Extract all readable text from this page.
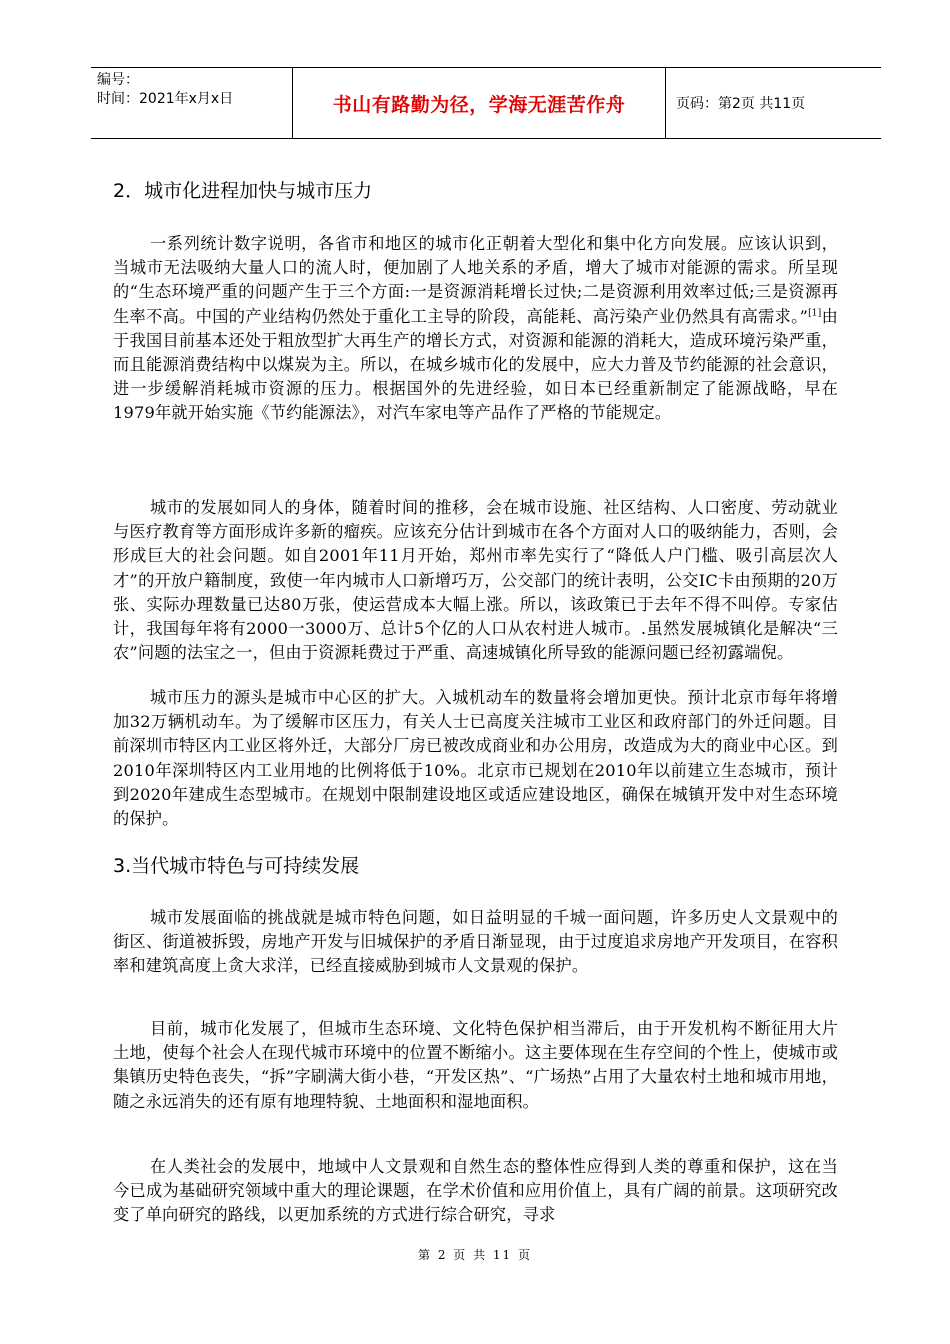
编号：
时间：2021年x月x日	书山有路勤为径，学海无涯苦作舟	页码：第2页 共11页
2．城市化进程加快与城市压力

一系列统计数字说明，各省市和地区的城市化正朝着大型化和集中化方向发展。应该认识到，当城市无法吸纳大量人口的流人时，便加剧了人地关系的矛盾，增大了城市对能源的需求。所呈现的“生态环境严重的问题产生于三个方面:一是资源消耗增长过快;二是资源利用效率过低;三是资源再生率不高。中国的产业结构仍然处于重化工主导的阶段，高能耗、高污染产业仍然具有高需求。”[1]由于我国目前基本还处于粗放型扩大再生产的增长方式，对资源和能源的消耗大，造成环境污染严重，而且能源消费结构中以煤炭为主。所以，在城乡城市化的发展中，应大力普及节约能源的社会意识，进一步缓解消耗城市资源的压力。根据国外的先进经验，如日本已经重新制定了能源战略，早在1979年就开始实施《节约能源法》，对汽车家电等产品作了严格的节能规定。

城市的发展如同人的身体，随着时间的推移，会在城市设施、社区结构、人口密度、劳动就业与医疗教育等方面形成许多新的瘤疾。应该充分估计到城市在各个方面对人口的吸纳能力，否则，会形成巨大的社会问题。如自2001年11月开始，郑州市率先实行了“降低人户门槛、吸引高层次人才”的开放户籍制度，致使一年内城市人口新增巧万，公交部门的统计表明，公交IC卡由预期的20万张、实际办理数量已达80万张，使运营成本大幅上涨。所以，该政策已于去年不得不叫停。专家估计，我国每年将有2000一3000万、总计5个亿的人口从农村进人城市。.虽然发展城镇化是解决“三农”问题的法宝之一，但由于资源耗费过于严重、高速城镇化所导致的能源问题已经初露端倪。

城市压力的源头是城市中心区的扩大。入城机动车的数量将会增加更快。预计北京市每年将增加32万辆机动车。为了缓解市区压力，有关人士已高度关注城市工业区和政府部门的外迁问题。目前深圳市特区内工业区将外迁，大部分厂房已被改成商业和办公用房，改造成为大的商业中心区。到2010年深圳特区内工业用地的比例将低于10%。北京市已规划在2010年以前建立生态城市，预计到2020年建成生态型城市。在规划中限制建设地区或适应建设地区，确保在城镇开发中对生态环境的保护。

3.当代城市特色与可持续发展

城市发展面临的挑战就是城市特色问题，如日益明显的千城一面问题，许多历史人文景观中的街区、街道被拆毁，房地产开发与旧城保护的矛盾日渐显现，由于过度追求房地产开发项目，在容积率和建筑高度上贪大求洋，已经直接威胁到城市人文景观的保护。

目前，城市化发展了，但城市生态环境、文化特色保护相当滞后，由于开发机构不断征用大片土地，使每个社会人在现代城市环境中的位置不断缩小。这主要体现在生存空间的个性上，使城市或集镇历史特色丧失，“拆”字刷满大街小巷，“开发区热”、“广场热”占用了大量农村土地和城市用地，随之永远消失的还有原有地理特貌、土地面积和湿地面积。

在人类社会的发展中，地域中人文景观和自然生态的整体性应得到人类的尊重和保护，这在当今已成为基础研究领域中重大的理论课题，在学术价值和应用价值上，具有广阔的前景。这项研究改变了单向研究的路线，以更加系统的方式进行综合研究，寻求

第 2 页 共 11 页
